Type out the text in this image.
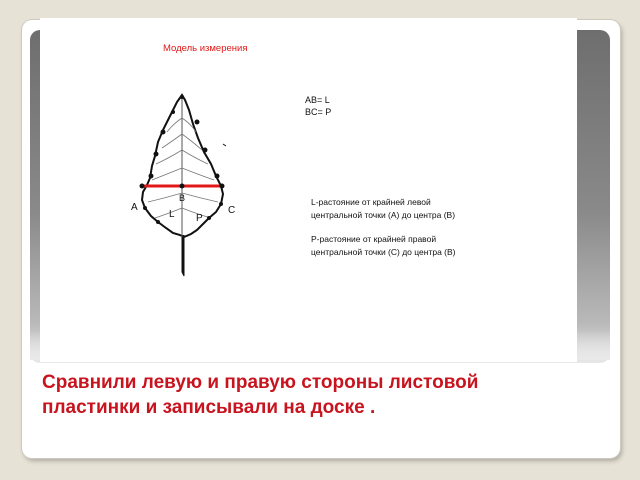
Модель измерения
AB= L
BC= P
L-растояние от крайней левой
центральной точки (A) до центра (B)
P-растояние от крайней правой
центральной точки (C) до центра (B)
A
B
C
L P
Сравнили левую и правую стороны листовой
пластинки и записывали на доске .
